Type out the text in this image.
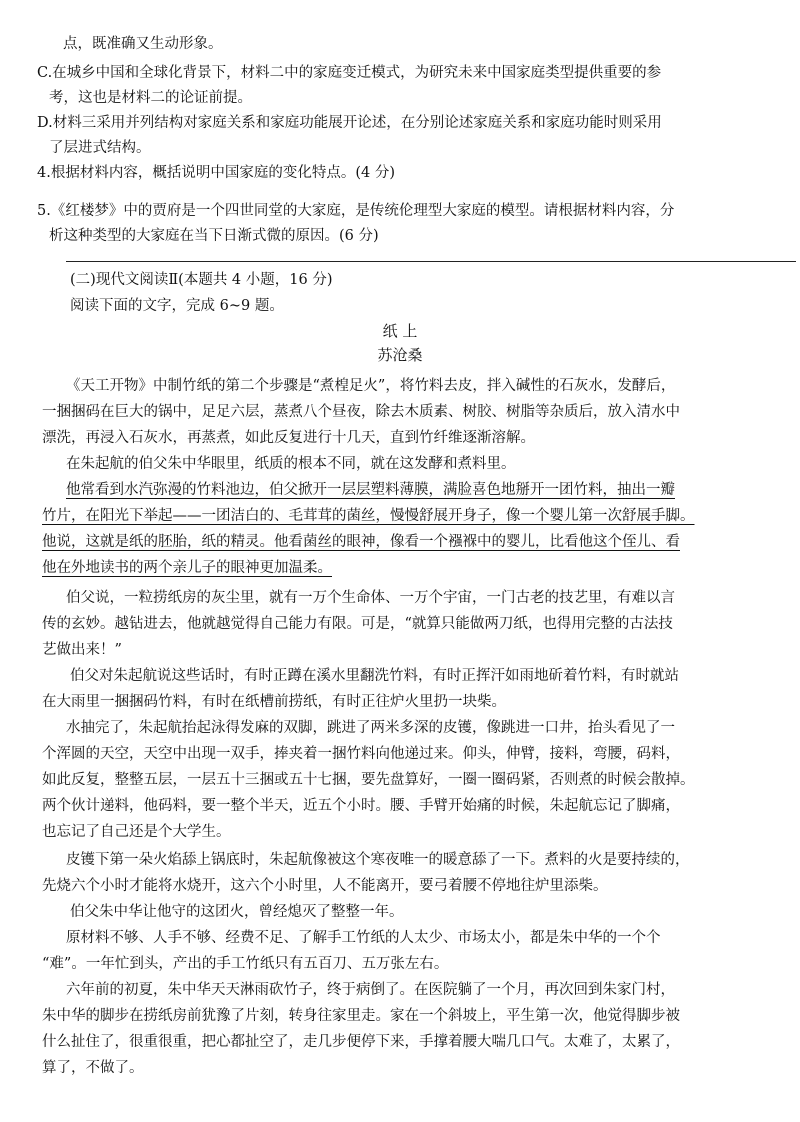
点，既准确又生动形象。

C.在城乡中国和全球化背景下，材料二中的家庭变迁模式，为研究未来中国家庭类型提供重要的参

考，这也是材料二的论证前提。

D.材料三采用并列结构对家庭关系和家庭功能展开论述，在分别论述家庭关系和家庭功能时则采用

了层进式结构。

4.根据材料内容，概括说明中国家庭的变化特点。(4 分)

5.《红楼梦》中的贾府是一个四世同堂的大家庭，是传统伦理型大家庭的模型。请根据材料内容，分

析这种类型的大家庭在当下日渐式微的原因。(6 分)

(二)现代文阅读Ⅱ(本题共 4 小题，16 分)

阅读下面的文字，完成 6~9 题。

纸 上

苏沧桑

《天工开物》中制竹纸的第二个步骤是“煮楻足火”，将竹料去皮，拌入碱性的石灰水，发酵后，

一捆捆码在巨大的锅中，足足六层，蒸煮八个昼夜，除去木质素、树胶、树脂等杂质后，放入清水中

漂洗，再浸入石灰水，再蒸煮，如此反复进行十几天，直到竹纤维逐渐溶解。

在朱起航的伯父朱中华眼里，纸质的根本不同，就在这发酵和煮料里。

他常看到水汽弥漫的竹料池边，伯父掀开一层层塑料薄膜，满脸喜色地掰开一团竹料，抽出一瓣

竹片，在阳光下举起——一团洁白的、毛茸茸的菌丝，慢慢舒展开身子，像一个婴儿第一次舒展手脚。

他说，这就是纸的胚胎，纸的精灵。他看菌丝的眼神，像看一个襁褓中的婴儿，比看他这个侄儿、看

他在外地读书的两个亲儿子的眼神更加温柔。

伯父说，一粒捞纸房的灰尘里，就有一万个生命体、一万个宇宙，一门古老的技艺里，有难以言

传的玄妙。越钻进去，他就越觉得自己能力有限。可是，“就算只能做两刀纸，也得用完整的古法技

艺做出来！”

伯父对朱起航说这些话时，有时正蹲在溪水里翻洗竹料，有时正挥汗如雨地斫着竹料，有时就站

在大雨里一捆捆码竹料，有时在纸槽前捞纸，有时正往炉火里扔一块柴。

水抽完了，朱起航抬起泳得发麻的双脚，跳进了两米多深的皮镬，像跳进一口井，抬头看见了一

个浑圆的天空，天空中出现一双手，捧夹着一捆竹料向他递过来。仰头，伸臂，接料，弯腰，码料，

如此反复，整整五层，一层五十三捆或五十七捆，要先盘算好，一圈一圈码紧，否则煮的时候会散掉。

两个伙计递料，他码料，要一整个半天，近五个小时。腰、手臂开始痛的时候，朱起航忘记了脚痛，

也忘记了自己还是个大学生。

皮镬下第一朵火焰舔上锅底时，朱起航像被这个寒夜唯一的暖意舔了一下。煮料的火是要持续的，

先烧六个小时才能将水烧开，这六个小时里，人不能离开，要弓着腰不停地往炉里添柴。

伯父朱中华让他守的这团火，曾经熄灭了整整一年。

原材料不够、人手不够、经费不足、了解手工竹纸的人太少、市场太小，都是朱中华的一个个

“难”。一年忙到头，产出的手工竹纸只有五百刀、五万张左右。

六年前的初夏，朱中华天天淋雨砍竹子，终于病倒了。在医院躺了一个月，再次回到朱家门村，

朱中华的脚步在捞纸房前犹豫了片刻，转身往家里走。家在一个斜坡上，平生第一次，他觉得脚步被

什么扯住了，很重很重，把心都扯空了，走几步便停下来，手撑着腰大喘几口气。太难了，太累了，

算了，不做了。
